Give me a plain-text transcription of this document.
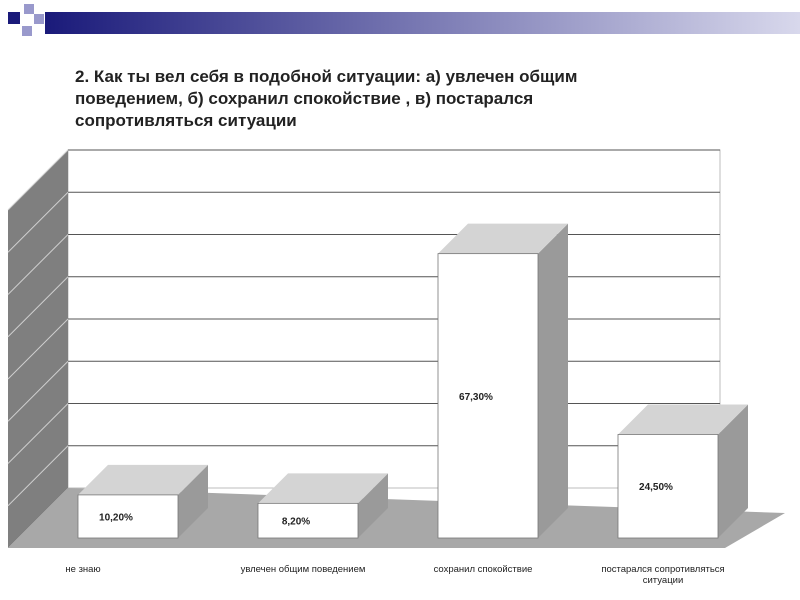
2. Как ты вел себя в подобной ситуации: а) увлечен общим поведением, б) сохранил спокойствие , в) постарался сопротивляться ситуации
10,20%	8,20%
67,30%
24,50%
не знаю	увлечен общим поведением	сохранил спокойствие	постарался сопротивляться
ситуации
